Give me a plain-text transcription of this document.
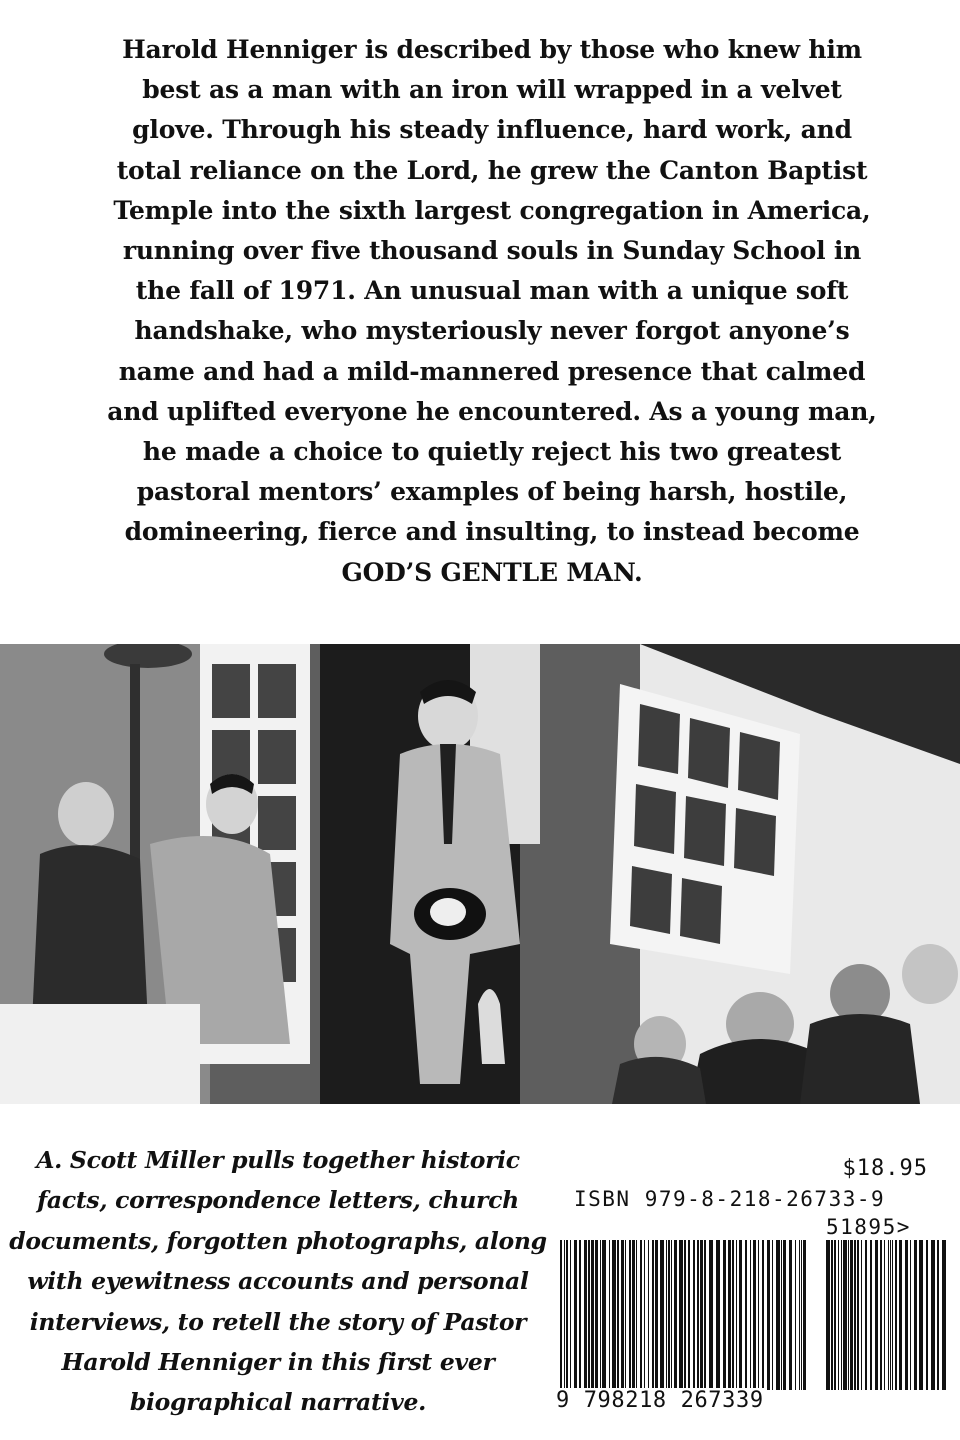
Harold Henniger is described by those who knew him best as a man with an iron will wrapped in a velvet glove. Through his steady influence, hard work, and total reliance on the Lord, he grew the Canton Baptist Temple into the sixth largest congregation in America, running over five thousand souls in Sunday School in the fall of 1971. An unusual man with a unique soft handshake, who mysteriously never forgot anyone’s name and had a mild-mannered presence that calmed and uplifted everyone he encountered. As a young man, he made a choice to quietly reject his two greatest pastoral mentors’ examples of being harsh, hostile, domineering, fierce and insulting, to instead become
GOD’S GENTLE MAN.
A. Scott Miller pulls together historic facts, correspondence letters, church documents, forgotten photographs, along with eyewitness accounts and personal interviews, to retell the story of Pastor Harold Henniger in this first ever biographical narrative.
$18.95
ISBN 979-8-218-26733-9
51895>
9 798218 267339
